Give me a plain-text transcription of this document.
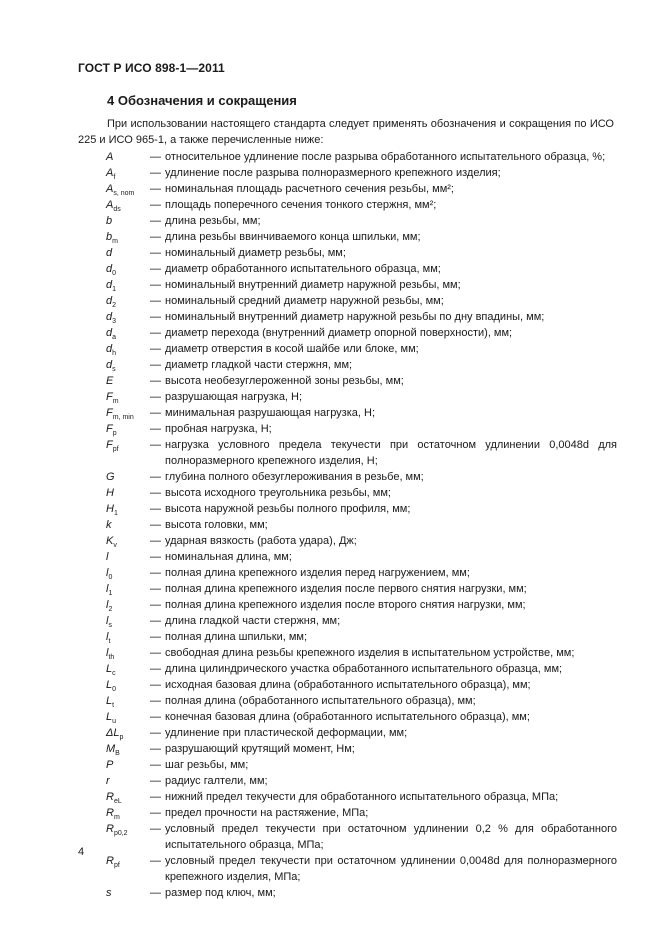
ГОСТ Р ИСО 898-1—2011
4 Обозначения и сокращения
При использовании настоящего стандарта следует применять обозначения и сокращения по ИСО 225 и ИСО 965-1, а также перечисленные ниже:
A	— относительное удлинение после разрыва обработанного испытательного образца, %;
$A_f$	— удлинение после разрыва полноразмерного крепежного изделия;
$A_{s, nom}$	— номинальная площадь расчетного сечения резьбы, мм²;
$A_{ds}$	— площадь поперечного сечения тонкого стержня, мм²;
b	— длина резьбы, мм;
$b_m$	— длина резьбы ввинчиваемого конца шпильки, мм;
d	— номинальный диаметр резьбы, мм;
$d_0$	— диаметр обработанного испытательного образца, мм;
$d_1$	— номинальный внутренний диаметр наружной резьбы, мм;
$d_2$	— номинальный средний диаметр наружной резьбы, мм;
$d_3$	— номинальный внутренний диаметр наружной резьбы по дну впадины, мм;
$d_a$	— диаметр перехода (внутренний диаметр опорной поверхности), мм;
$d_h$	— диаметр отверстия в косой шайбе или блоке, мм;
$d_s$	— диаметр гладкой части стержня, мм;
E	— высота необезуглероженной зоны резьбы, мм;
$F_m$	— разрушающая нагрузка, Н;
$F_{m, min}$	— минимальная разрушающая нагрузка, Н;
$F_p$	— пробная нагрузка, Н;
$F_{pf}$	— нагрузка условного предела текучести при остаточном удлинении 0,0048d для полноразмерного крепежного изделия, Н;
G	— глубина полного обезуглероживания в резьбе, мм;
H	— высота исходного треугольника резьбы, мм;
$H_1$	— высота наружной резьбы полного профиля, мм;
k	— высота головки, мм;
$K_v$	— ударная вязкость (работа удара), Дж;
l	— номинальная длина, мм;
$l_0$	— полная длина крепежного изделия перед нагружением, мм;
$l_1$	— полная длина крепежного изделия после первого снятия нагрузки, мм;
$l_2$	— полная длина крепежного изделия после второго снятия нагрузки, мм;
$l_s$	— длина гладкой части стержня, мм;
$l_t$	— полная длина шпильки, мм;
$l_{th}$	— свободная длина резьбы крепежного изделия в испытательном устройстве, мм;
$L_c$	— длина цилиндрического участка обработанного испытательного образца, мм;
$L_0$	— исходная базовая длина (обработанного испытательного образца), мм;
$L_t$	— полная длина (обработанного испытательного образца), мм;
$L_u$	— конечная базовая длина (обработанного испытательного образца), мм;
$\Delta L_p$	— удлинение при пластической деформации, мм;
$M_B$	— разрушающий крутящий момент, Нм;
P	— шаг резьбы, мм;
r	— радиус галтели, мм;
$R_{eL}$	— нижний предел текучести для обработанного испытательного образца, МПа;
$R_m$	— предел прочности на растяжение, МПа;
$R_{p0,2}$	— условный предел текучести при остаточном удлинении 0,2 % для обработанного испытательного образца, МПа;
$R_{pf}$	— условный предел текучести при остаточном удлинении 0,0048d для полноразмерного крепежного изделия, МПа;
s	— размер под ключ, мм;
4
